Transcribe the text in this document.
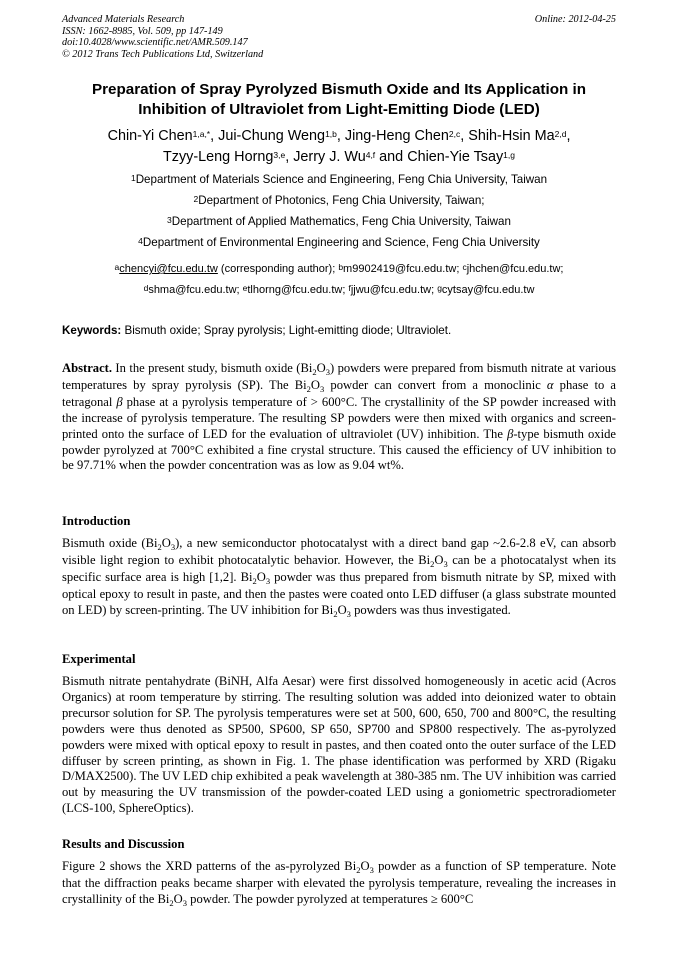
Advanced Materials Research
ISSN: 1662-8985, Vol. 509, pp 147-149
doi:10.4028/www.scientific.net/AMR.509.147
© 2012 Trans Tech Publications Ltd, Switzerland
Online: 2012-04-25
Preparation of Spray Pyrolyzed Bismuth Oxide and Its Application in
Inhibition of Ultraviolet from Light-Emitting Diode (LED)
Chin-Yi Chen$^{1,a,*}$, Jui-Chung Weng$^{1,b}$, Jing-Heng Chen$^{2,c}$, Shih-Hsin Ma$^{2,d}$,
Tzyy-Leng Horng$^{3,e}$, Jerry J. Wu$^{4,f}$ and Chien-Yie Tsay$^{1,g}$
$^1$Department of Materials Science and Engineering, Feng Chia University, Taiwan
$^2$Department of Photonics, Feng Chia University, Taiwan;
$^3$Department of Applied Mathematics, Feng Chia University, Taiwan
$^4$Department of Environmental Engineering and Science, Feng Chia University
$^a$chencyi@fcu.edu.tw (corresponding author); $^b$m9902419@fcu.edu.tw; $^c$jhchen@fcu.edu.tw;
$^d$shma@fcu.edu.tw; $^e$tlhorng@fcu.edu.tw; $^f$jjwu@fcu.edu.tw; $^g$cytsay@fcu.edu.tw
Keywords: Bismuth oxide; Spray pyrolysis; Light-emitting diode; Ultraviolet.
Abstract. In the present study, bismuth oxide $(Bi_2O_3)$ powders were prepared from bismuth nitrate at various temperatures by spray pyrolysis (SP). The $Bi_2O_3$ powder can convert from a monoclinic α phase to a tetragonal β phase at a pyrolysis temperature of > 600°C. The crystallinity of the SP powder increased with the increase of pyrolysis temperature. The resulting SP powders were then mixed with organics and screen-printed onto the surface of LED for the evaluation of ultraviolet (UV) inhibition. The β-type bismuth oxide powder pyrolyzed at 700°C exhibited a fine crystal structure. This caused the efficiency of UV inhibition to be 97.71% when the powder concentration was as low as 9.04 wt%.
Introduction
Bismuth oxide $(Bi_2O_3)$, a new semiconductor photocatalyst with a direct band gap ~2.6-2.8 eV, can absorb visible light region to exhibit photocatalytic behavior. However, the $Bi_2O_3$ can be a photocatalyst when its specific surface area is high [1,2]. $Bi_2O_3$ powder was thus prepared from bismuth nitrate by SP, mixed with optical epoxy to result in paste, and then the pastes were coated onto LED diffuser (a glass substrate mounted on LED) by screen-printing. The UV inhibition for $Bi_2O_3$ powders was thus investigated.
Experimental
Bismuth nitrate pentahydrate (BiNH, Alfa Aesar) were first dissolved homogeneously in acetic acid (Acros Organics) at room temperature by stirring. The resulting solution was added into deionized water to obtain precursor solution for SP. The pyrolysis temperatures were set at 500, 600, 650, 700 and 800°C, the resulting powders were thus denoted as SP500, SP600, SP 650, SP700 and SP800 respectively. The as-pyrolyzed powders were mixed with optical epoxy to result in pastes, and then coated onto the outer surface of the LED diffuser by screen printing, as shown in Fig. 1. The phase identification was performed by XRD (Rigaku D/MAX2500). The UV LED chip exhibited a peak wavelength at 380-385 nm. The UV inhibition was carried out by measuring the UV transmission of the powder-coated LED using a goniometric spectroradiometer (LCS-100, SphereOptics).
Results and Discussion
Figure 2 shows the XRD patterns of the as-pyrolyzed $Bi_2O_3$ powder as a function of SP temperature. Note that the diffraction peaks became sharper with elevated the pyrolysis temperature, revealing the increases in crystallinity of the $Bi_2O_3$ powder. The powder pyrolyzed at temperatures ≥ 600°C
